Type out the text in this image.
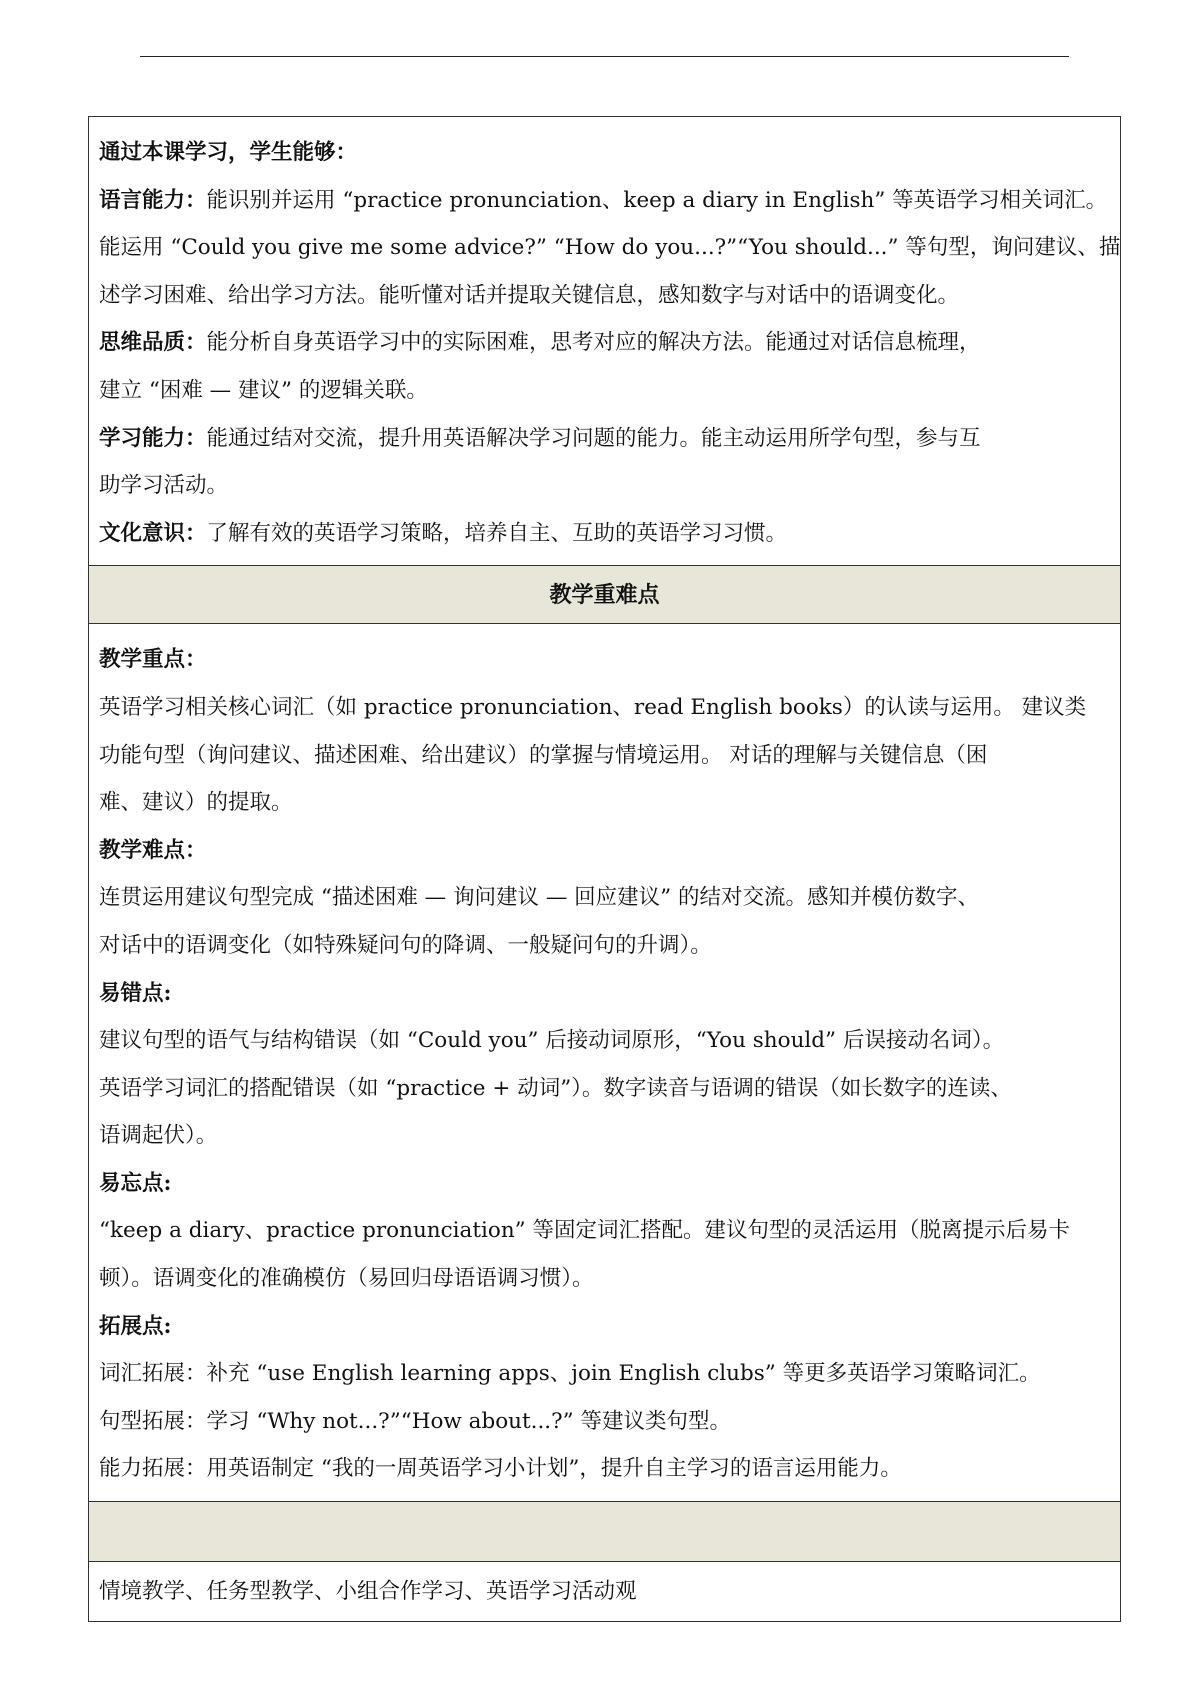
通过本课学习，学生能够：
语言能力：能识别并运用 “practice pronunciation、keep a diary in English” 等英语学习相关词汇。
能运用 “Could you give me some advice?” “How do you...?”“You should...” 等句型，询问建议、描
述学习困难、给出学习方法。能听懂对话并提取关键信息，感知数字与对话中的语调变化。
思维品质：能分析自身英语学习中的实际困难，思考对应的解决方法。能通过对话信息梳理，
建立 “困难 — 建议” 的逻辑关联。
学习能力：能通过结对交流，提升用英语解决学习问题的能力。能主动运用所学句型，参与互
助学习活动。
文化意识：了解有效的英语学习策略，培养自主、互助的英语学习习惯。
教学重难点
教学重点：
英语学习相关核心词汇（如 practice pronunciation、read English books）的认读与运用。 建议类
功能句型（询问建议、描述困难、给出建议）的掌握与情境运用。 对话的理解与关键信息（困
难、建议）的提取。
教学难点：
连贯运用建议句型完成 “描述困难 — 询问建议 — 回应建议” 的结对交流。感知并模仿数字、
对话中的语调变化（如特殊疑问句的降调、一般疑问句的升调）。
易错点:
建议句型的语气与结构错误（如 “Could you” 后接动词原形，“You should” 后误接动名词）。
英语学习词汇的搭配错误（如 “practice + 动词”）。数字读音与语调的错误（如长数字的连读、
语调起伏）。
易忘点:
“keep a diary、practice pronunciation” 等固定词汇搭配。建议句型的灵活运用（脱离提示后易卡
顿）。语调变化的准确模仿（易回归母语语调习惯）。
拓展点:
词汇拓展：补充 “use English learning apps、join English clubs” 等更多英语学习策略词汇。
句型拓展：学习 “Why not...?”“How about...?” 等建议类句型。
能力拓展：用英语制定 “我的一周英语学习小计划”，提升自主学习的语言运用能力。
情境教学、任务型教学、小组合作学习、英语学习活动观
